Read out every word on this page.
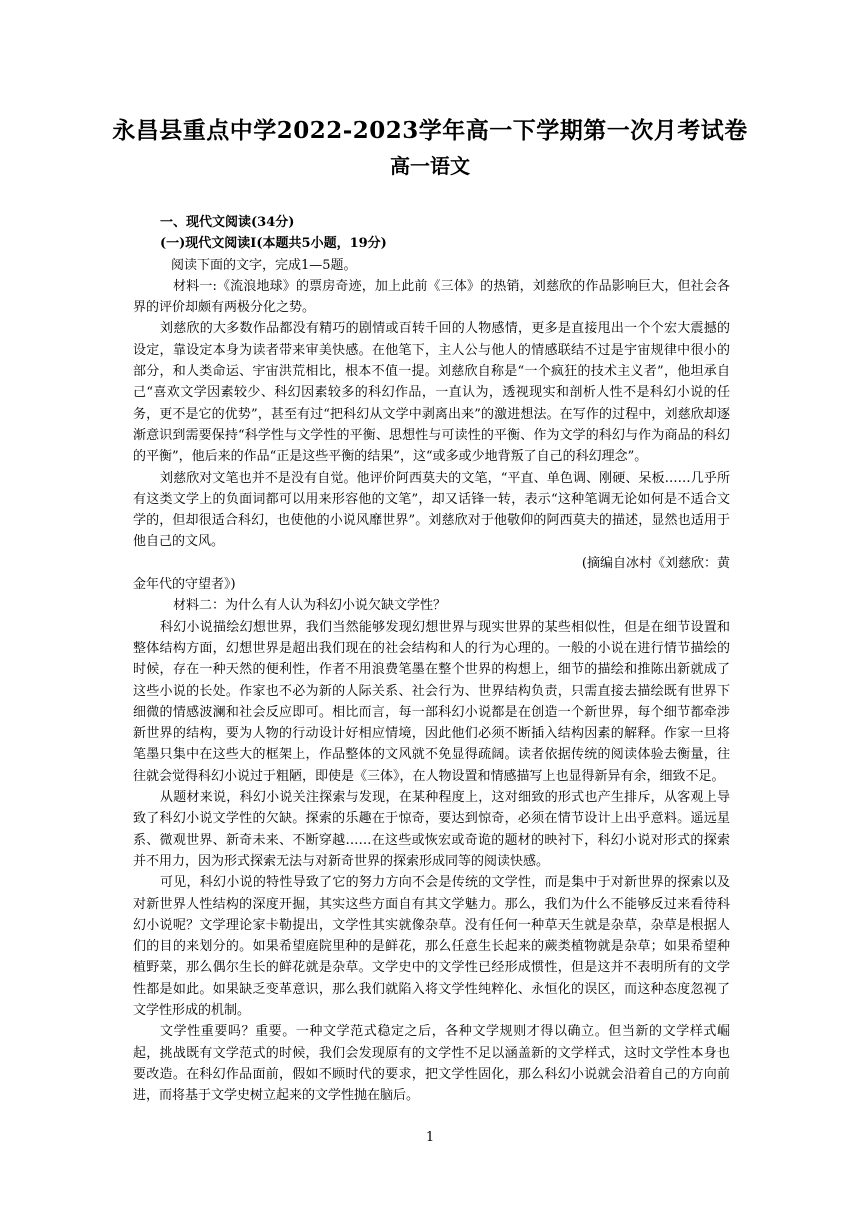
永昌县重点中学2022-2023学年高一下学期第一次月考试卷
高一语文

一、现代文阅读(34分)

(一)现代文阅读Ⅰ(本题共5小题，19分)

阅读下面的文字，完成1—5题。

材料一:《流浪地球》的票房奇迹，加上此前《三体》的热销，刘慈欣的作品影响巨大，但社会各界的评价却颇有两极分化之势。

刘慈欣的大多数作品都没有精巧的剧情或百转千回的人物感情，更多是直接甩出一个个宏大震撼的设定，靠设定本身为读者带来审美快感。在他笔下，主人公与他人的情感联结不过是宇宙规律中很小的部分，和人类命运、宇宙洪荒相比，根本不值一提。刘慈欣自称是“一个疯狂的技术主义者”，他坦承自己“喜欢文学因素较少、科幻因素较多的科幻作品，一直认为，透视现实和剖析人性不是科幻小说的任务，更不是它的优势”，甚至有过“把科幻从文学中剥离出来”的激进想法。在写作的过程中，刘慈欣却逐渐意识到需要保持“科学性与文学性的平衡、思想性与可读性的平衡、作为文学的科幻与作为商品的科幻的平衡”，他后来的作品“正是这些平衡的结果”，这“或多或少地背叛了自己的科幻理念”。

刘慈欣对文笔也并不是没有自觉。他评价阿西莫夫的文笔，“平直、单色调、刚硬、呆板……几乎所有这类文学上的负面词都可以用来形容他的文笔”，却又话锋一转，表示“这种笔调无论如何是不适合文学的，但却很适合科幻，也使他的小说风靡世界”。刘慈欣对于他敬仰的阿西莫夫的描述，显然也适用于他自己的文风。

(摘编自冰村《刘慈欣：黄

金年代的守望者》)

材料二：为什么有人认为科幻小说欠缺文学性？

科幻小说描绘幻想世界，我们当然能够发现幻想世界与现实世界的某些相似性，但是在细节设置和整体结构方面，幻想世界是超出我们现在的社会结构和人的行为心理的。一般的小说在进行情节描绘的时候，存在一种天然的便利性，作者不用浪费笔墨在整个世界的构想上，细节的描绘和推陈出新就成了这些小说的长处。作家也不必为新的人际关系、社会行为、世界结构负责，只需直接去描绘既有世界下细微的情感波澜和社会反应即可。相比而言，每一部科幻小说都是在创造一个新世界，每个细节都牵涉新世界的结构，要为人物的行动设计好相应情境，因此他们必须不断插入结构因素的解释。作家一旦将笔墨只集中在这些大的框架上，作品整体的文风就不免显得疏阔。读者依据传统的阅读体验去衡量，往往就会觉得科幻小说过于粗陋，即使是《三体》，在人物设置和情感描写上也显得新异有余，细致不足。

从题材来说，科幻小说关注探索与发现，在某种程度上，这对细致的形式也产生排斥，从客观上导致了科幻小说文学性的欠缺。探索的乐趣在于惊奇，要达到惊奇，必须在情节设计上出乎意料。遥远星系、微观世界、新奇未来、不断穿越……在这些或恢宏或奇诡的题材的映衬下，科幻小说对形式的探索并不用力，因为形式探索无法与对新奇世界的探索形成同等的阅读快感。

可见，科幻小说的特性导致了它的努力方向不会是传统的文学性，而是集中于对新世界的探索以及对新世界人性结构的深度开掘，其实这些方面自有其文学魅力。那么，我们为什么不能够反过来看待科幻小说呢？文学理论家卡勒提出，文学性其实就像杂草。没有任何一种草天生就是杂草，杂草是根据人们的目的来划分的。如果希望庭院里种的是鲜花，那么任意生长起来的蕨类植物就是杂草；如果希望种植野菜，那么偶尔生长的鲜花就是杂草。文学史中的文学性已经形成惯性，但是这并不表明所有的文学性都是如此。如果缺乏变革意识，那么我们就陷入将文学性纯粹化、永恒化的误区，而这种态度忽视了文学性形成的机制。

文学性重要吗？重要。一种文学范式稳定之后，各种文学规则才得以确立。但当新的文学样式崛起，挑战既有文学范式的时候，我们会发现原有的文学性不足以涵盖新的文学样式，这时文学性本身也要改造。在科幻作品面前，假如不顾时代的要求，把文学性固化，那么科幻小说就会沿着自己的方向前进，而将基于文学史树立起来的文学性抛在脑后。

1
